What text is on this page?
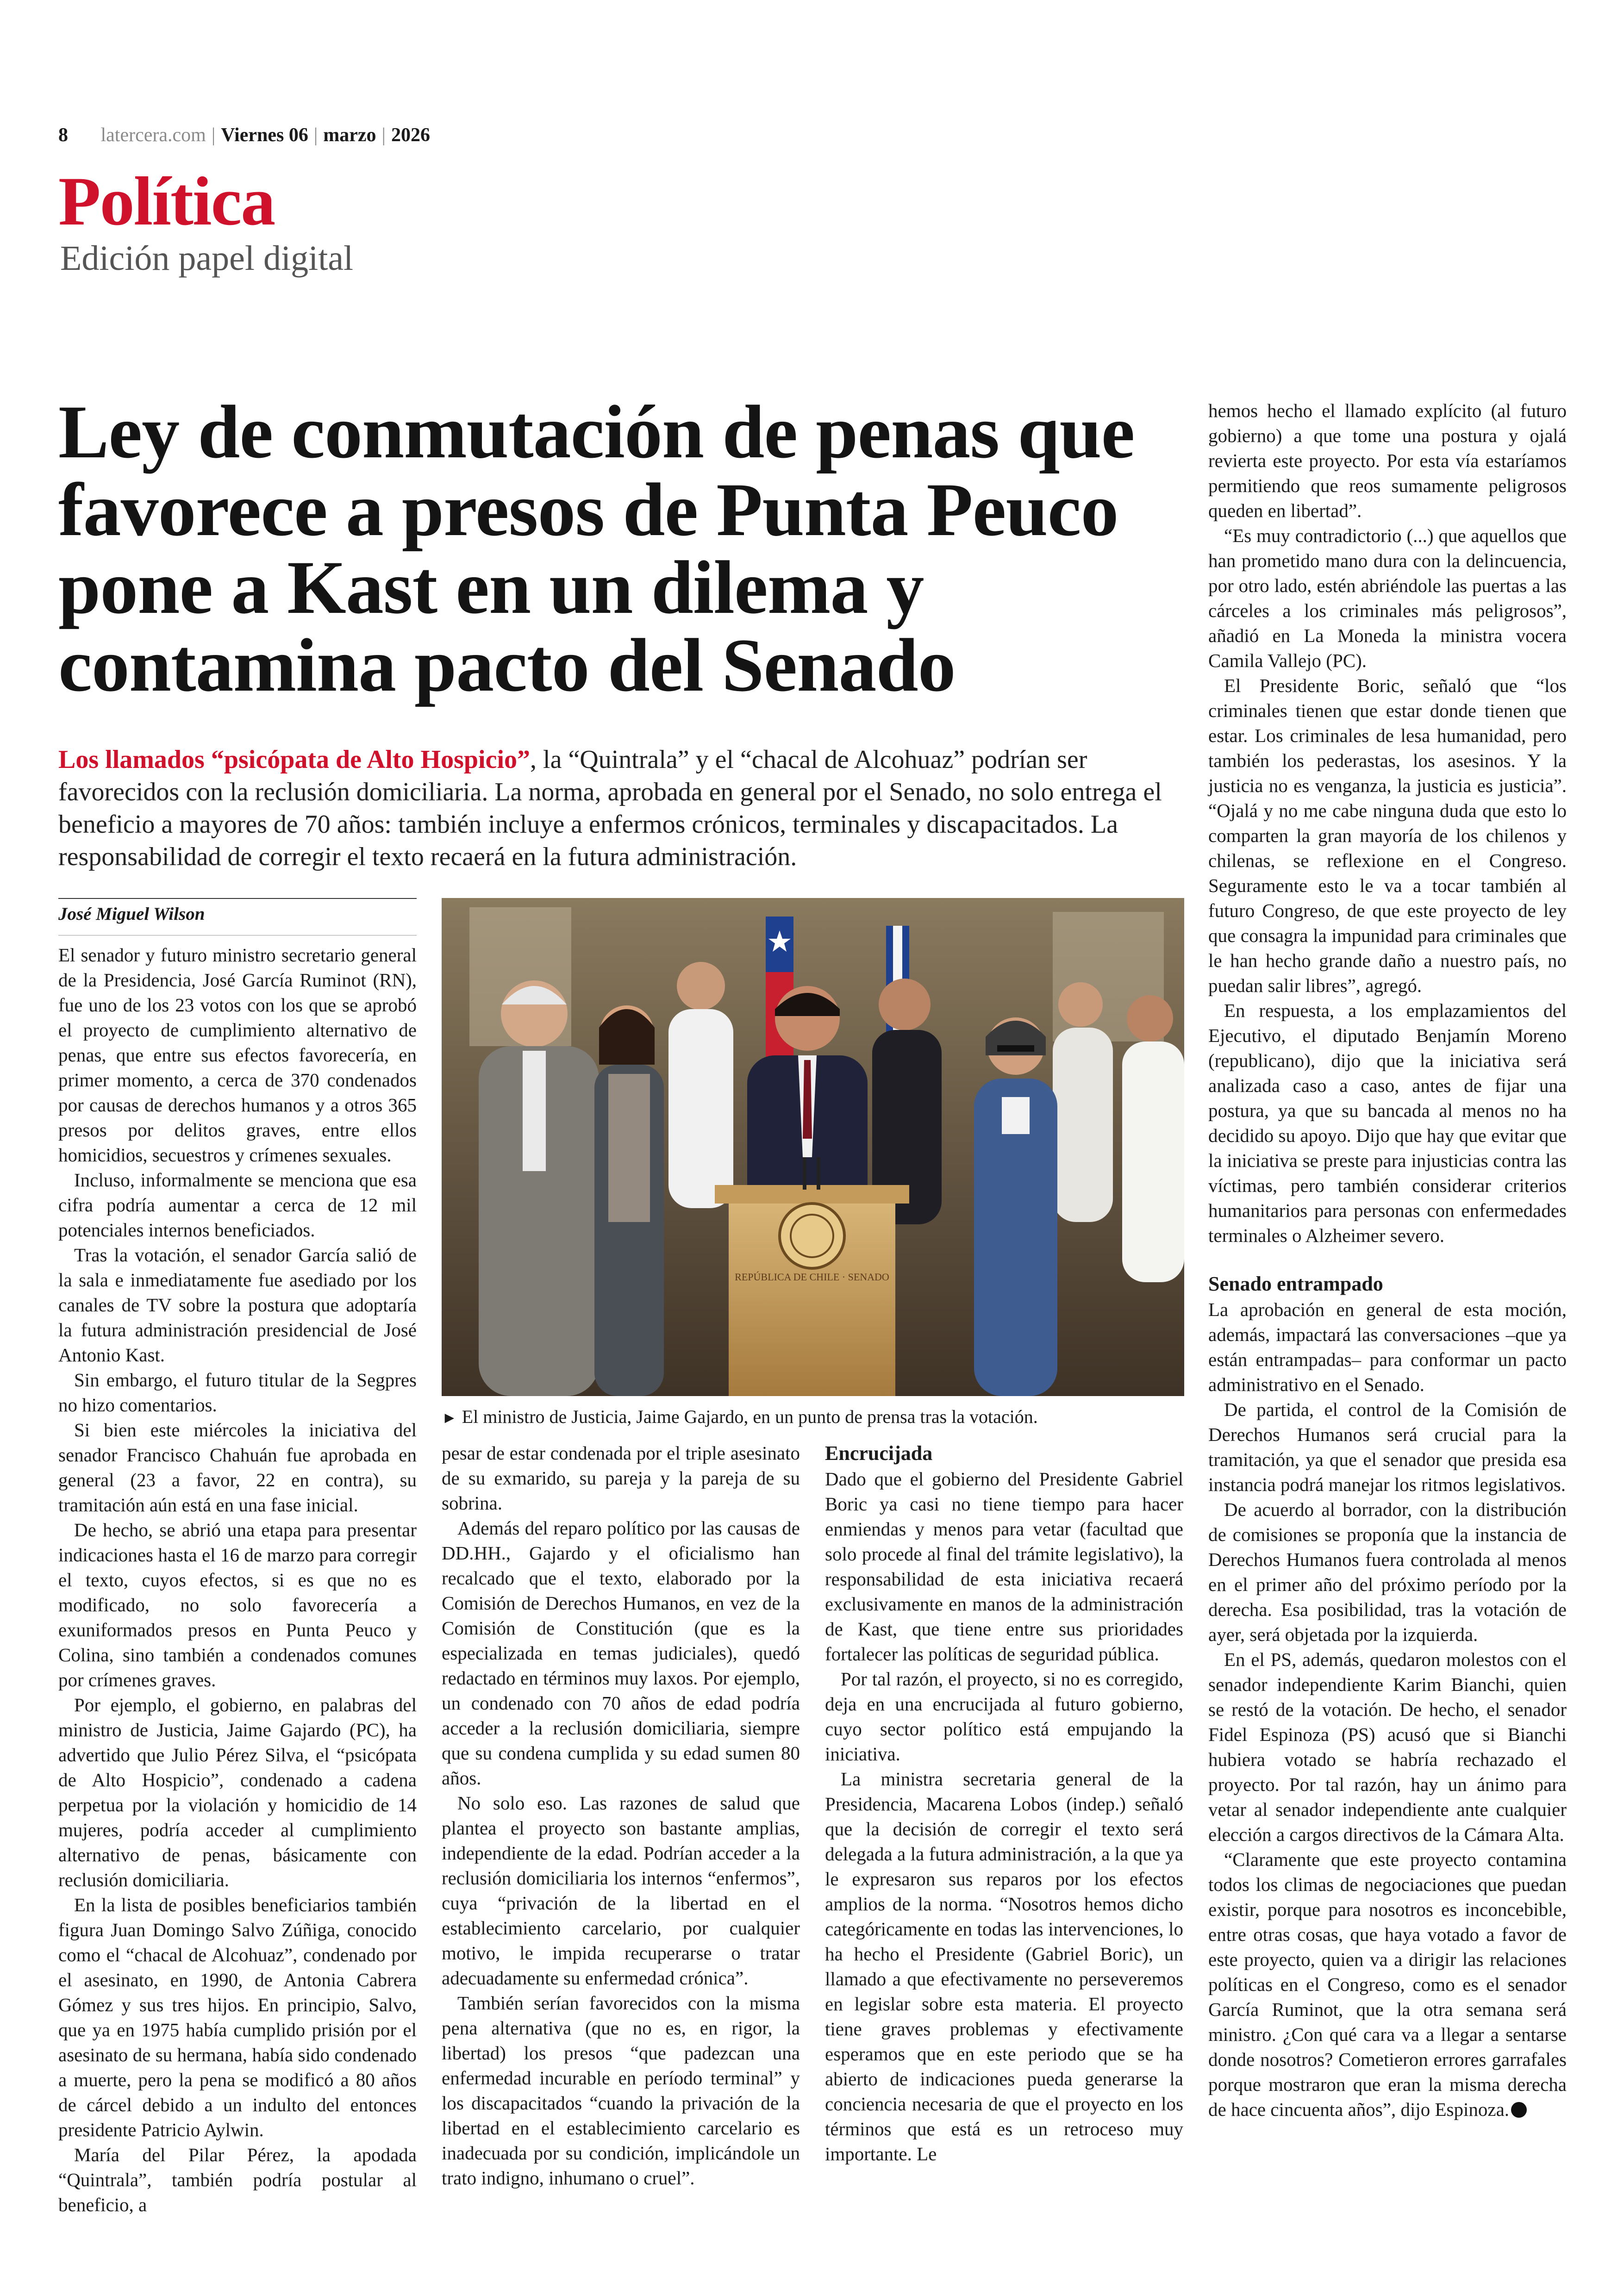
8 latercera.com | Viernes 06 | marzo | 2026
Política
Edición papel digital
Ley de conmutación de penas que favorece a presos de Punta Peuco pone a Kast en un dilema y contamina pacto del Senado

Los llamados “psicópata de Alto Hospicio”, la “Quintrala” y el “chacal de Alcohuaz” podrían ser favorecidos con la reclusión domiciliaria. La norma, aprobada en general por el Senado, no solo entrega el beneficio a mayores de 70 años: también incluye a enfermos crónicos, terminales y discapacitados. La responsabilidad de corregir el texto recaerá en la futura administración.

José Miguel Wilson

El senador y futuro ministro secretario general de la Presidencia, José García Ruminot (RN), fue uno de los 23 votos con los que se aprobó el proyecto de cumplimiento alternativo de penas, que entre sus efectos favorecería, en primer momento, a cerca de 370 condenados por causas de derechos humanos y a otros 365 presos por delitos graves, entre ellos homicidios, secuestros y crímenes sexuales.

Incluso, informalmente se menciona que esa cifra podría aumentar a cerca de 12 mil potenciales internos beneficiados.

Tras la votación, el senador García salió de la sala e inmediatamente fue asediado por los canales de TV sobre la postura que adoptaría la futura administración presidencial de José Antonio Kast.

Sin embargo, el futuro titular de la Segpres no hizo comentarios.

Si bien este miércoles la iniciativa del senador Francisco Chahuán fue aprobada en general (23 a favor, 22 en contra), su tramitación aún está en una fase inicial.

De hecho, se abrió una etapa para presentar indicaciones hasta el 16 de marzo para corregir el texto, cuyos efectos, si es que no es modificado, no solo favorecería a exuniformados presos en Punta Peuco y Colina, sino también a condenados comunes por crímenes graves.

Por ejemplo, el gobierno, en palabras del ministro de Justicia, Jaime Gajardo (PC), ha advertido que Julio Pérez Silva, el “psicópata de Alto Hospicio”, condenado a cadena perpetua por la violación y homicidio de 14 mujeres, podría acceder al cumplimiento alternativo de penas, básicamente con reclusión domiciliaria.

En la lista de posibles beneficiarios también figura Juan Domingo Salvo Zúñiga, conocido como el “chacal de Alcohuaz”, condenado por el asesinato, en 1990, de Antonia Cabrera Gómez y sus tres hijos. En principio, Salvo, que ya en 1975 había cumplido prisión por el asesinato de su hermana, había sido condenado a muerte, pero la pena se modificó a 80 años de cárcel debido a un indulto del entonces presidente Patricio Aylwin.

María del Pilar Pérez, la apodada “Quintrala”, también podría postular al beneficio, a

REPÚBLICA DE CHILE · SENADO
► El ministro de Justicia, Jaime Gajardo, en un punto de prensa tras la votación.

pesar de estar condenada por el triple asesinato de su exmarido, su pareja y la pareja de su sobrina.

Además del reparo político por las causas de DD.HH., Gajardo y el oficialismo han recalcado que el texto, elaborado por la Comisión de Derechos Humanos, en vez de la Comisión de Constitución (que es la especializada en temas judiciales), quedó redactado en términos muy laxos. Por ejemplo, un condenado con 70 años de edad podría acceder a la reclusión domiciliaria, siempre que su condena cumplida y su edad sumen 80 años.

No solo eso. Las razones de salud que plantea el proyecto son bastante amplias, independiente de la edad. Podrían acceder a la reclusión domiciliaria los internos “enfermos”, cuya “privación de la libertad en el establecimiento carcelario, por cualquier motivo, le impida recuperarse o tratar adecuadamente su enfermedad crónica”.

También serían favorecidos con la misma pena alternativa (que no es, en rigor, la libertad) los presos “que padezcan una enfermedad incurable en período terminal” y los discapacitados “cuando la privación de la libertad en el establecimiento carcelario es inadecuada por su condición, implicándole un trato indigno, inhumano o cruel”.

Encrucijada

Dado que el gobierno del Presidente Gabriel Boric ya casi no tiene tiempo para hacer enmiendas y menos para vetar (facultad que solo procede al final del trámite legislativo), la responsabilidad de esta iniciativa recaerá exclusivamente en manos de la administración de Kast, que tiene entre sus prioridades fortalecer las políticas de seguridad pública.

Por tal razón, el proyecto, si no es corregido, deja en una encrucijada al futuro gobierno, cuyo sector político está empujando la iniciativa.

La ministra secretaria general de la Presidencia, Macarena Lobos (indep.) señaló que la decisión de corregir el texto será delegada a la futura administración, a la que ya le expresaron sus reparos por los efectos amplios de la norma. “Nosotros hemos dicho categóricamente en todas las intervenciones, lo ha hecho el Presidente (Gabriel Boric), un llamado a que efectivamente no perseveremos en legislar sobre esta materia. El proyecto tiene graves problemas y efectivamente esperamos que en este periodo que se ha abierto de indicaciones pueda generarse la conciencia necesaria de que el proyecto en los términos que está es un retroceso muy importante. Le

hemos hecho el llamado explícito (al futuro gobierno) a que tome una postura y ojalá revierta este proyecto. Por esta vía estaríamos permitiendo que reos sumamente peligrosos queden en libertad”.

“Es muy contradictorio (...) que aquellos que han prometido mano dura con la delincuencia, por otro lado, estén abriéndole las puertas a las cárceles a los criminales más peligrosos”, añadió en La Moneda la ministra vocera Camila Vallejo (PC).

El Presidente Boric, señaló que “los criminales tienen que estar donde tienen que estar. Los criminales de lesa humanidad, pero también los pederastas, los asesinos. Y la justicia no es venganza, la justicia es justicia”. “Ojalá y no me cabe ninguna duda que esto lo comparten la gran mayoría de los chilenos y chilenas, se reflexione en el Congreso. Seguramente esto le va a tocar también al futuro Congreso, de que este proyecto de ley que consagra la impunidad para criminales que le han hecho grande daño a nuestro país, no puedan salir libres”, agregó.

En respuesta, a los emplazamientos del Ejecutivo, el diputado Benjamín Moreno (republicano), dijo que la iniciativa será analizada caso a caso, antes de fijar una postura, ya que su bancada al menos no ha decidido su apoyo. Dijo que hay que evitar que la iniciativa se preste para injusticias contra las víctimas, pero también considerar criterios humanitarios para personas con enfermedades terminales o Alzheimer severo.

Senado entrampado

La aprobación en general de esta moción, además, impactará las conversaciones –que ya están entrampadas– para conformar un pacto administrativo en el Senado.

De partida, el control de la Comisión de Derechos Humanos será crucial para la tramitación, ya que el senador que presida esa instancia podrá manejar los ritmos legislativos.

De acuerdo al borrador, con la distribución de comisiones se proponía que la instancia de Derechos Humanos fuera controlada al menos en el primer año del próximo período por la derecha. Esa posibilidad, tras la votación de ayer, será objetada por la izquierda.

En el PS, además, quedaron molestos con el senador independiente Karim Bianchi, quien se restó de la votación. De hecho, el senador Fidel Espinoza (PS) acusó que si Bianchi hubiera votado se habría rechazado el proyecto. Por tal razón, hay un ánimo para vetar al senador independiente ante cualquier elección a cargos directivos de la Cámara Alta.

“Claramente que este proyecto contamina todos los climas de negociaciones que puedan existir, porque para nosotros es inconcebible, entre otras cosas, que haya votado a favor de este proyecto, quien va a dirigir las relaciones políticas en el Congreso, como es el senador García Ruminot, que la otra semana será ministro. ¿Con qué cara va a llegar a sentarse donde nosotros? Cometieron errores garrafales porque mostraron que eran la misma derecha de hace cincuenta años”, dijo Espinoza.
